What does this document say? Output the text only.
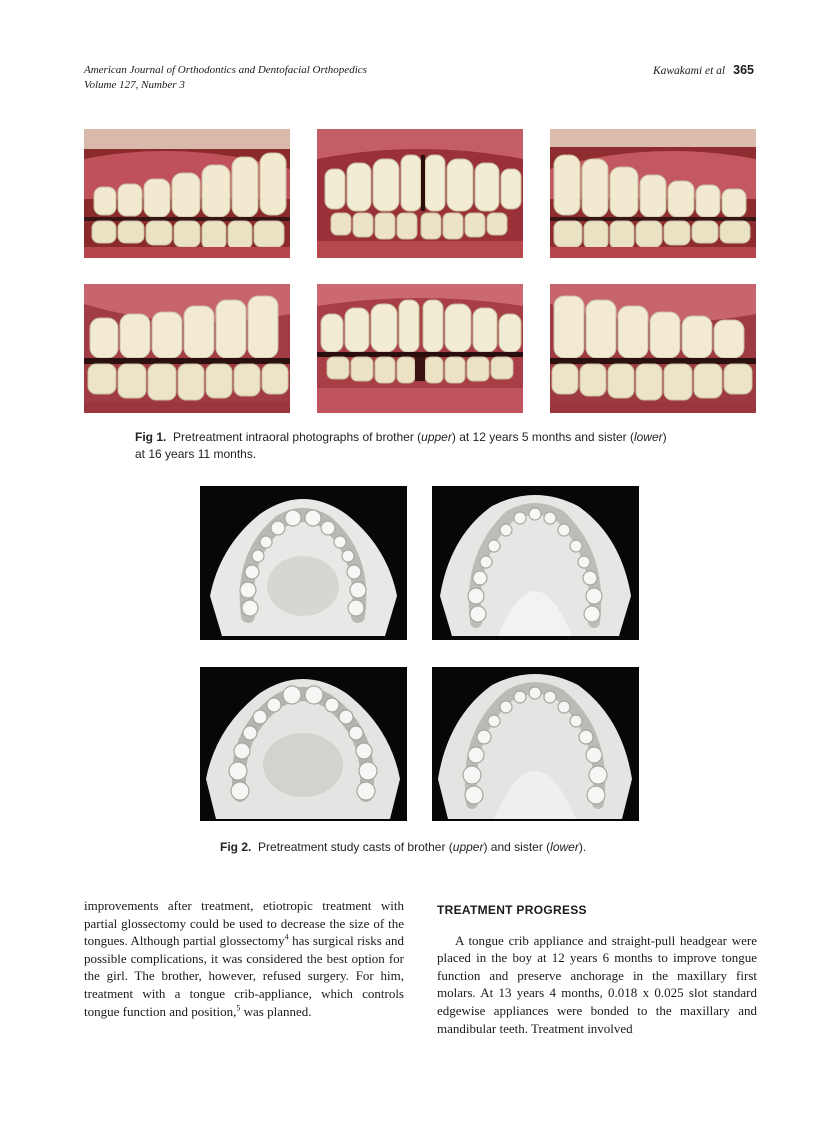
American Journal of Orthodontics and Dentofacial Orthopedics
Volume 127, Number 3
Kawakami et al 365
Fig 1. Pretreatment intraoral photographs of brother (upper) at 12 years 5 months and sister (lower)
at 16 years 11 months.
Fig 2. Pretreatment study casts of brother (upper) and sister (lower).

improvements after treatment, etiotropic treatment with partial glossectomy could be used to decrease the size of the tongues. Although partial glossectomy$^4$ has surgical risks and possible complications, it was considered the best option for the girl. The brother, however, refused surgery. For him, treatment with a tongue crib-appliance, which controls tongue function and position,$^5$ was planned.

TREATMENT PROGRESS

A tongue crib appliance and straight-pull headgear were placed in the boy at 12 years 6 months to improve tongue function and preserve anchorage in the maxillary first molars. At 13 years 4 months, 0.018 x 0.025 slot standard edgewise appliances were bonded to the maxillary and mandibular teeth. Treatment involved
